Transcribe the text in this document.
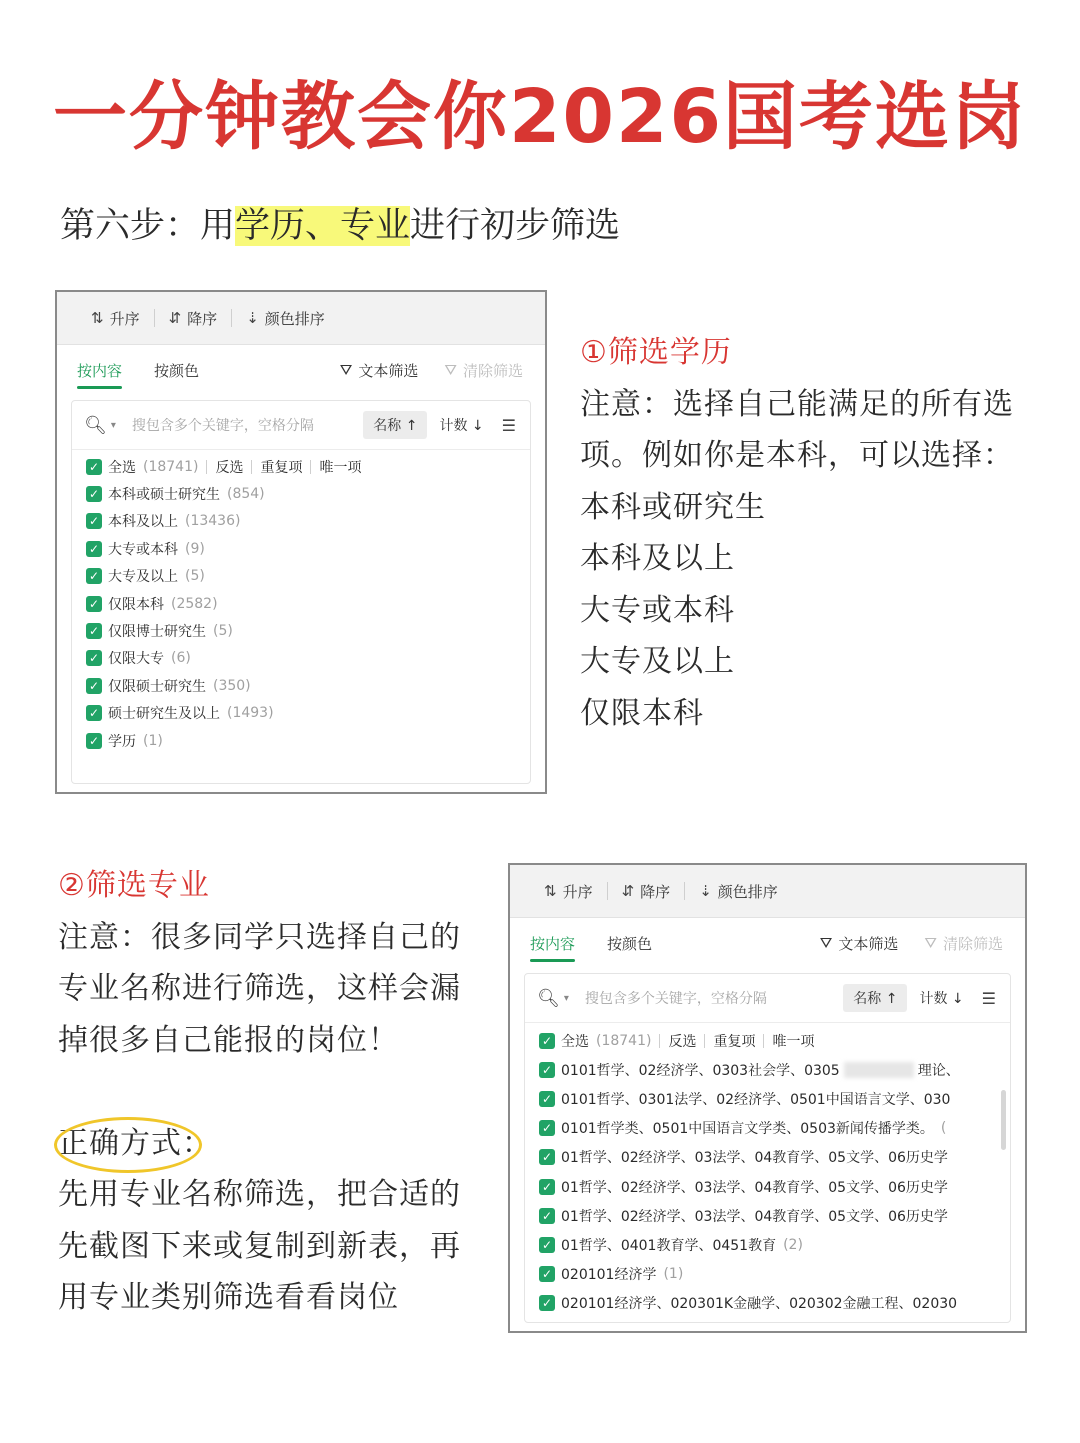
一分钟教会你2026国考选岗
第六步：用学历、专业进行初步筛选
⇅ 升序 ⇵ 降序 ⇣ 颜色排序
按内容 按颜色	⛛ 文本筛选 ⛛ 清除筛选
🔍︎ ▾ 搜包含多个关键字，空格分隔	名称 ↑	计数 ↓ ☰
✓ 全选 (18741) 反选 重复项 唯一项
✓ 本科或硕士研究生 (854)
✓ 本科及以上 (13436)
✓ 大专或本科 (9)
✓ 大专及以上 (5)
✓ 仅限本科 (2582)
✓ 仅限博士研究生 (5)
✓ 仅限大专 (6)
✓ 仅限硕士研究生 (350)
✓ 硕士研究生及以上 (1493)
✓ 学历 (1)
①筛选学历
注意：选择自己能满足的所有选
项。例如你是本科，可以选择：
本科或研究生
本科及以上
大专或本科
大专及以上
仅限本科
②筛选专业
注意：很多同学只选择自己的
专业名称进行筛选，这样会漏
掉很多自己能报的岗位！
正确方式：
先用专业名称筛选，把合适的
先截图下来或复制到新表，再
用专业类别筛选看看岗位
⇅ 升序 ⇵ 降序 ⇣ 颜色排序
按内容 按颜色	⛛ 文本筛选 ⛛ 清除筛选
🔍︎ ▾ 搜包含多个关键字，空格分隔	名称 ↑	计数 ↓ ☰
✓ 全选 (18741) 反选 重复项 唯一项
✓ 0101哲学、02经济学、0303社会学、0305	理论、
✓ 0101哲学、0301法学、02经济学、0501中国语言文学、030
✓ 0101哲学类、0501中国语言文学类、0503新闻传播学类。 (
✓ 01哲学、02经济学、03法学、04教育学、05文学、06历史学
✓ 01哲学、02经济学、03法学、04教育学、05文学、06历史学
✓ 01哲学、02经济学、03法学、04教育学、05文学、06历史学
✓ 01哲学、0401教育学、0451教育 (2)
✓ 020101经济学 (1)
✓ 020101经济学、020301K金融学、020302金融工程、02030
